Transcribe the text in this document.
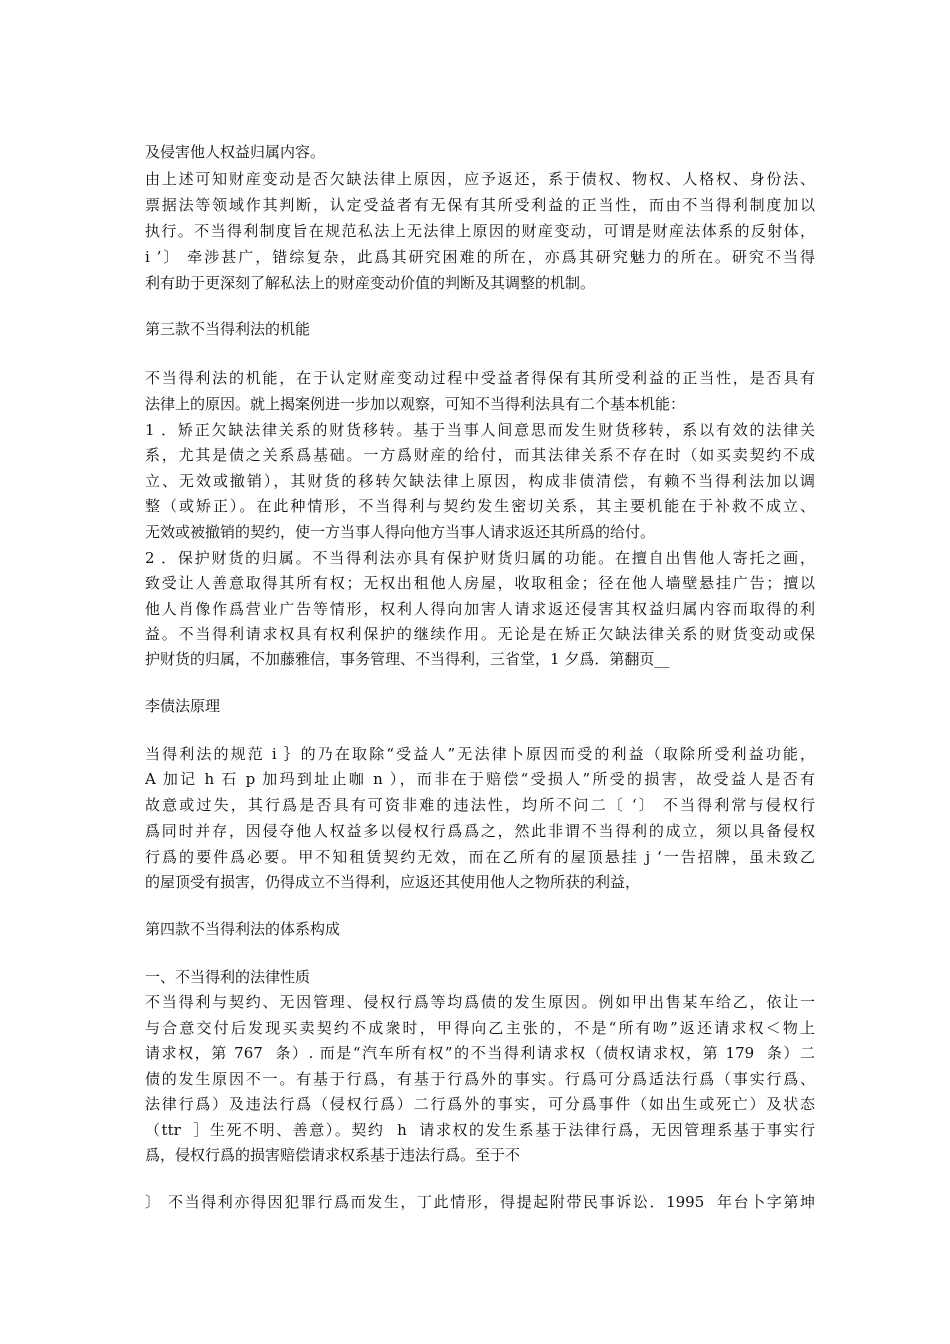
及侵害他人权益归属内容。
由上述可知财産变动是否欠缺法律上原因，应予返还，系于债权、物权、人格权、身份法、
票据法等领域作其判断，认定受益者有无保有其所受利益的正当性，而由不当得利制度加以
执行。不当得利制度旨在规范私法上无法律上原因的财産变动，可谓是财産法体系的反射体，
i ’〕 牵涉甚广，错综复杂，此爲其研究困难的所在，亦爲其研究魅力的所在。研究不当得
利有助于更深刻了解私法上的财産变动价值的判断及其调整的机制。
第三款不当得利法的机能
不当得利法的机能，在于认定财産变动过程中受益者得保有其所受利益的正当性，是否具有
法律上的原因。就上揭案例进一步加以观察，可知不当得利法具有二个基本机能：
1 ．矫正欠缺法律关系的财货移转。基于当事人间意思而发生财货移转，系以有效的法律关
系，尤其是债之关系爲基础。一方爲财産的给付，而其法律关系不存在时（如买卖契约不成
立、无效或撤销），其财货的移转欠缺法律上原因，构成非债清偿，有赖不当得利法加以调
整（或矫正）。在此种情形，不当得利与契约发生密切关系，其主要机能在于补救不成立、
无效或被撤销的契约，使一方当事人得向他方当事人请求返还其所爲的给付。
2 ．保护财货的归属。不当得利法亦具有保护财货归属的功能。在擅自出售他人寄托之画，
致受让人善意取得其所有权；无权出租他人房屋，收取租金；径在他人墙壁悬挂广告；擅以
他人肖像作爲营业广告等情形，权利人得向加害人请求返还侵害其权益归属内容而取得的利
益。不当得利请求权具有权利保护的继续作用。无论是在矫正欠缺法律关系的财货变动或保
护财货的归属，不加藤雅信，事务管理、不当得利，三省堂，1 夕爲．第翻页__
李债法原理
当得利法的规范 i ｝的乃在取除“受益人”无法律卜原因而受的利益（取除所受利益功能，
A 加记 h 石 p 加玛到址止咖 n ），而非在于赔偿“受损人”所受的损害，故受益人是否有
故意或过失，其行爲是否具有可资非难的违法性，均所不问二〔 ‘〕 不当得利常与侵权行
爲同时并存，因侵夺他人权益多以侵权行爲爲之，然此非谓不当得利的成立，须以具备侵权
行爲的要件爲必要。甲不知租赁契约无效，而在乙所有的屋顶悬挂 j ‘一告招牌，虽未致乙
的屋顶受有损害，仍得成立不当得利，应返还其使用他人之物所获的利益，
第四款不当得利法的体系构成
一、不当得利的法律性质
不当得利与契约、无因管理、侵权行爲等均爲债的发生原因。例如甲出售某车给乙，依让一
与合意交付后发现买卖契约不成衆时，甲得向乙主张的，不是“所有吻”返还请求权＜物上
请求权，第 767  条）. 而是“汽车所有权”的不当得利请求权（债权请求权，第 179  条）二
债的发生原因不一。有基于行爲，有基于行爲外的事实。行爲可分爲适法行爲（事实行爲、
法律行爲）及违法行爲（侵权行爲）二行爲外的事实，可分爲事件（如出生或死亡）及状态
（ttr  ］生死不明、善意）。契约  h  请求权的发生系基于法律行爲，无因管理系基于事实行
爲，侵权行爲的损害赔偿请求权系基于违法行爲。至于不
〕 不当得利亦得因犯罪行爲而发生，丁此情形，得提起附带民事诉讼．1995  年台卜字第坤
